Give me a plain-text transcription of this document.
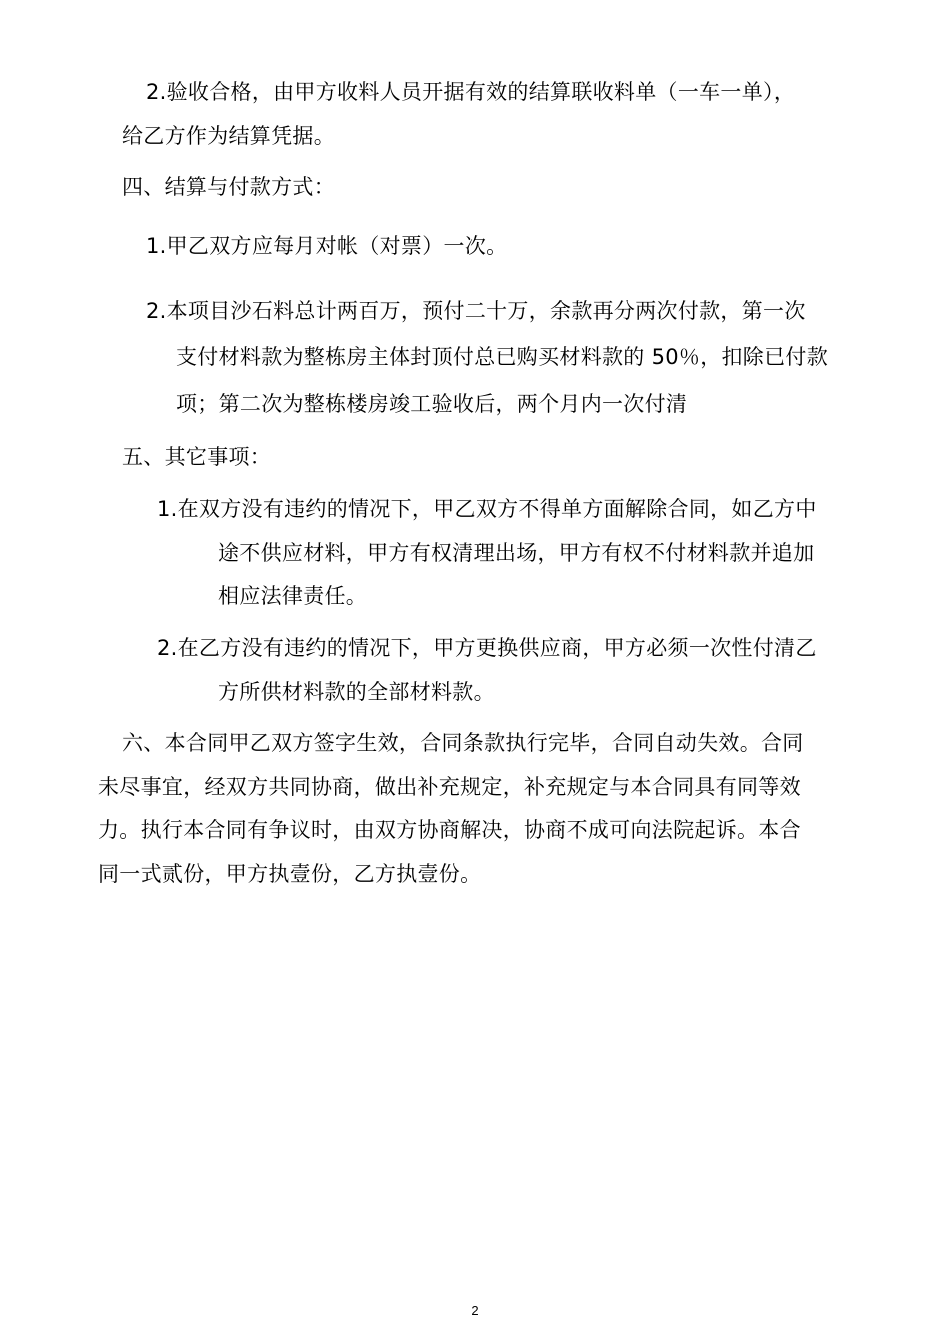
2.验收合格，由甲方收料人员开据有效的结算联收料单（一车一单），
给乙方作为结算凭据。
四、结算与付款方式：
1.甲乙双方应每月对帐（对票）一次。
2.本项目沙石料总计两百万，预付二十万，余款再分两次付款，第一次
支付材料款为整栋房主体封顶付总已购买材料款的 50％，扣除已付款
项；第二次为整栋楼房竣工验收后，两个月内一次付清
五、其它事项：
1.在双方没有违约的情况下，甲乙双方不得单方面解除合同，如乙方中
途不供应材料，甲方有权清理出场，甲方有权不付材料款并追加
相应法律责任。
2.在乙方没有违约的情况下，甲方更换供应商，甲方必须一次性付清乙
方所供材料款的全部材料款。
六、本合同甲乙双方签字生效，合同条款执行完毕，合同自动失效。合同
未尽事宜，经双方共同协商，做出补充规定，补充规定与本合同具有同等效
力。执行本合同有争议时，由双方协商解决，协商不成可向法院起诉。本合
同一式贰份，甲方执壹份，乙方执壹份。
2
